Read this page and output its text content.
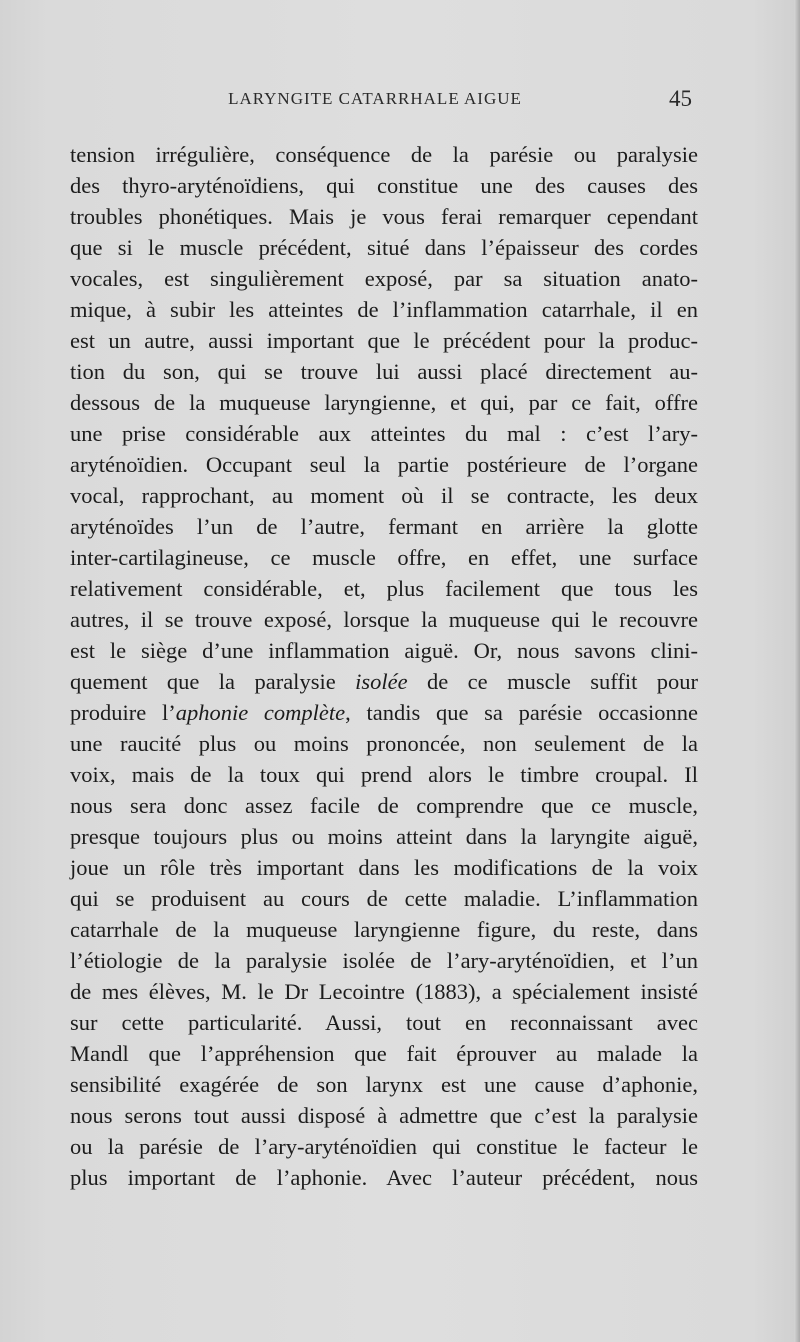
LARYNGITE CATARRHALE AIGUE	45
tension irrégulière, conséquence de la parésie ou paralysie
des thyro-aryténoïdiens, qui constitue une des causes des
troubles phonétiques. Mais je vous ferai remarquer cependant
que si le muscle précédent, situé dans l’épaisseur des cordes
vocales, est singulièrement exposé, par sa situation anato-
mique, à subir les atteintes de l’inflammation catarrhale, il en
est un autre, aussi important que le précédent pour la produc-
tion du son, qui se trouve lui aussi placé directement au-
dessous de la muqueuse laryngienne, et qui, par ce fait, offre
une prise considérable aux atteintes du mal : c’est l’ary-
aryténoïdien. Occupant seul la partie postérieure de l’organe
vocal, rapprochant, au moment où il se contracte, les deux
aryténoïdes l’un de l’autre, fermant en arrière la glotte
inter-cartilagineuse, ce muscle offre, en effet, une surface
relativement considérable, et, plus facilement que tous les
autres, il se trouve exposé, lorsque la muqueuse qui le recouvre
est le siège d’une inflammation aiguë. Or, nous savons clini-
quement que la paralysie isolée de ce muscle suffit pour
produire l’aphonie complète, tandis que sa parésie occasionne
une raucité plus ou moins prononcée, non seulement de la
voix, mais de la toux qui prend alors le timbre croupal. Il
nous sera donc assez facile de comprendre que ce muscle,
presque toujours plus ou moins atteint dans la laryngite aiguë,
joue un rôle très important dans les modifications de la voix
qui se produisent au cours de cette maladie. L’inflammation
catarrhale de la muqueuse laryngienne figure, du reste, dans
l’étiologie de la paralysie isolée de l’ary-aryténoïdien, et l’un
de mes élèves, M. le Dr Lecointre (1883), a spécialement insisté
sur cette particularité. Aussi, tout en reconnaissant avec
Mandl que l’appréhension que fait éprouver au malade la
sensibilité exagérée de son larynx est une cause d’aphonie,
nous serons tout aussi disposé à admettre que c’est la paralysie
ou la parésie de l’ary-aryténoïdien qui constitue le facteur le
plus important de l’aphonie. Avec l’auteur précédent, nous
